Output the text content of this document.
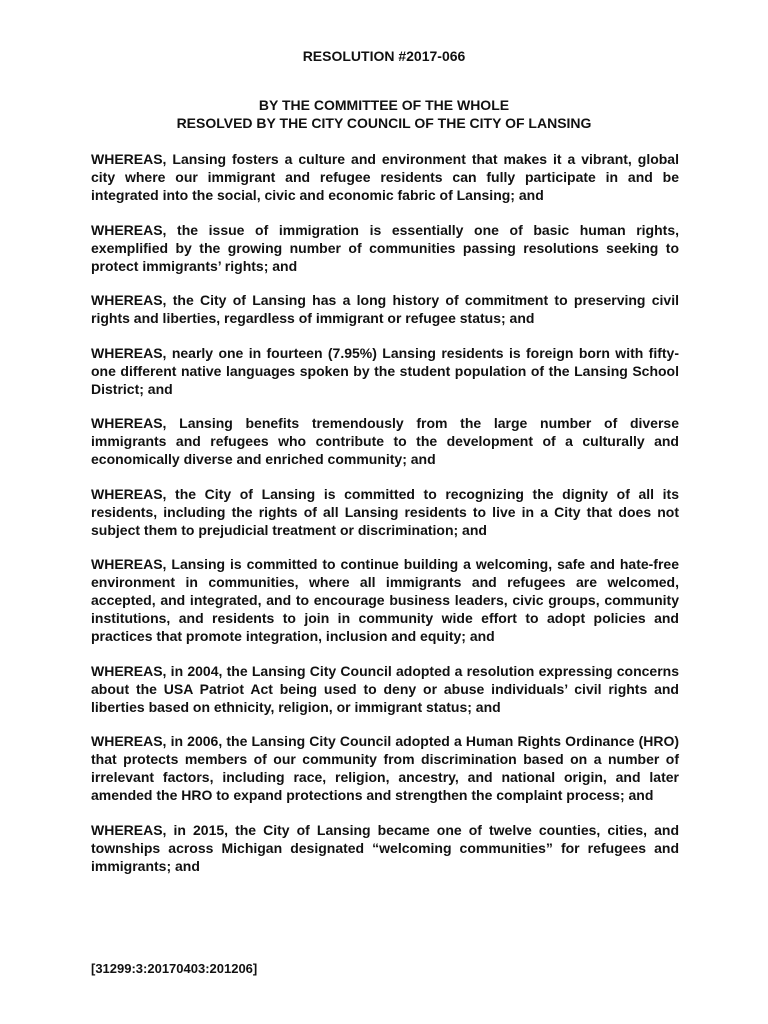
RESOLUTION #2017-066
BY THE COMMITTEE OF THE WHOLE
RESOLVED BY THE CITY COUNCIL OF THE CITY OF LANSING

WHEREAS, Lansing fosters a culture and environment that makes it a vibrant, global city where our immigrant and refugee residents can fully participate in and be integrated into the social, civic and economic fabric of Lansing; and

WHEREAS, the issue of immigration is essentially one of basic human rights, exemplified by the growing number of communities passing resolutions seeking to protect immigrants’ rights; and

WHEREAS, the City of Lansing has a long history of commitment to preserving civil rights and liberties, regardless of immigrant or refugee status; and

WHEREAS, nearly one in fourteen (7.95%) Lansing residents is foreign born with fifty-one different native languages spoken by the student population of the Lansing School District; and

WHEREAS, Lansing benefits tremendously from the large number of diverse immigrants and refugees who contribute to the development of a culturally and economically diverse and enriched community; and

WHEREAS, the City of Lansing is committed to recognizing the dignity of all its residents, including the rights of all Lansing residents to live in a City that does not subject them to prejudicial treatment or discrimination; and

WHEREAS, Lansing is committed to continue building a welcoming, safe and hate-free environment in communities, where all immigrants and refugees are welcomed, accepted, and integrated, and to encourage business leaders, civic groups, community institutions, and residents to join in community wide effort to adopt policies and practices that promote integration, inclusion and equity; and

WHEREAS, in 2004, the Lansing City Council adopted a resolution expressing concerns about the USA Patriot Act being used to deny or abuse individuals’ civil rights and liberties based on ethnicity, religion, or immigrant status; and

WHEREAS, in 2006, the Lansing City Council adopted a Human Rights Ordinance (HRO) that protects members of our community from discrimination based on a number of irrelevant factors, including race, religion, ancestry, and national origin, and later amended the HRO to expand protections and strengthen the complaint process; and

WHEREAS, in 2015, the City of Lansing became one of twelve counties, cities, and townships across Michigan designated “welcoming communities” for refugees and immigrants; and

[31299:3:20170403:201206]
